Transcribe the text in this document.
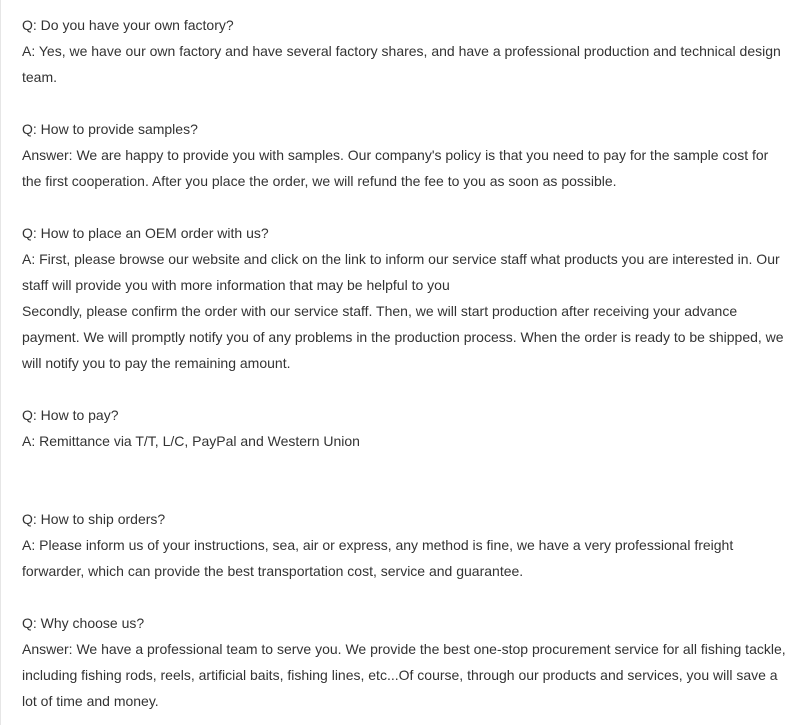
Q: Do you have your own factory?

A: Yes, we have our own factory and have several factory shares, and have a professional production and technical design team.

Q: How to provide samples?

Answer: We are happy to provide you with samples. Our company's policy is that you need to pay for the sample cost for the first cooperation. After you place the order, we will refund the fee to you as soon as possible.

Q: How to place an OEM order with us?

A: First, please browse our website and click on the link to inform our service staff what products you are interested in. Our staff will provide you with more information that may be helpful to you

Secondly, please confirm the order with our service staff. Then, we will start production after receiving your advance payment. We will promptly notify you of any problems in the production process. When the order is ready to be shipped, we will notify you to pay the remaining amount.

Q: How to pay?

A: Remittance via T/T, L/C, PayPal and Western Union

Q: How to ship orders?

A: Please inform us of your instructions, sea, air or express, any method is fine, we have a very professional freight forwarder, which can provide the best transportation cost, service and guarantee.

Q: Why choose us?

Answer: We have a professional team to serve you. We provide the best one-stop procurement service for all fishing tackle, including fishing rods, reels, artificial baits, fishing lines, etc...Of course, through our products and services, you will save a lot of time and money.
